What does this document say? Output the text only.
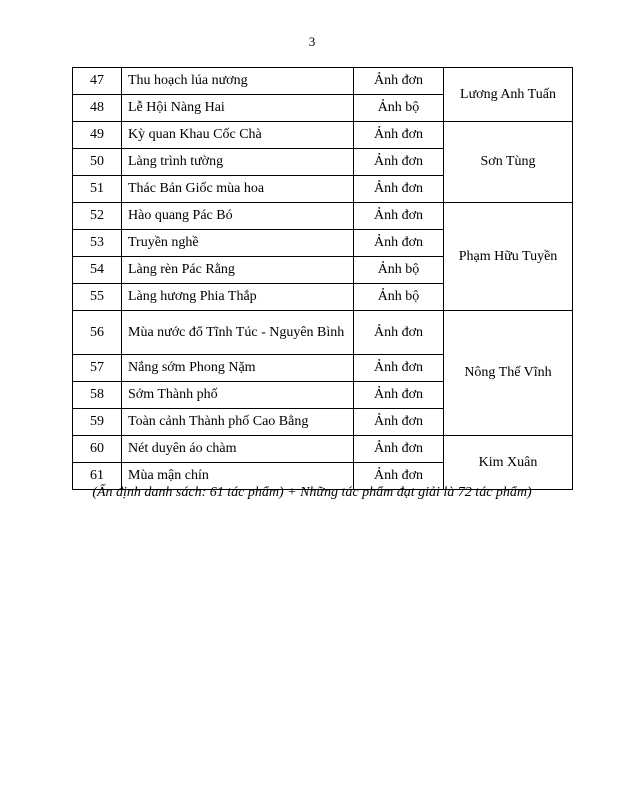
3
47	Thu hoạch lúa nương	Ảnh đơn	Lương Anh Tuấn
48	Lễ Hội Nàng Hai	Ảnh bộ	
49	Kỳ quan Khau Cốc Chà	Ảnh đơn	Sơn Tùng
50	Làng trình tường	Ảnh đơn	
51	Thác Bản Giốc mùa hoa	Ảnh đơn	
52	Hào quang Pác Bó	Ảnh đơn	Phạm Hữu Tuyền
53	Truyền nghề	Ảnh đơn	
54	Làng rèn Pác Rằng	Ảnh bộ	
55	Làng hương Phia Thắp	Ảnh bộ	
56	Mùa nước đổ Tĩnh Túc - Nguyên Bình	Ảnh đơn	Nông Thế Vĩnh
57	Nắng sớm Phong Nặm	Ảnh đơn	
58	Sớm Thành phố	Ảnh đơn	
59	Toàn cảnh Thành phố Cao Bằng	Ảnh đơn	
60	Nét duyên áo chàm	Ảnh đơn	Kim Xuân
61	Mùa mận chín	Ảnh đơn	
(Ấn định danh sách: 61 tác phẩm) + Những tác phẩm đạt giải là 72 tác phẩm)
